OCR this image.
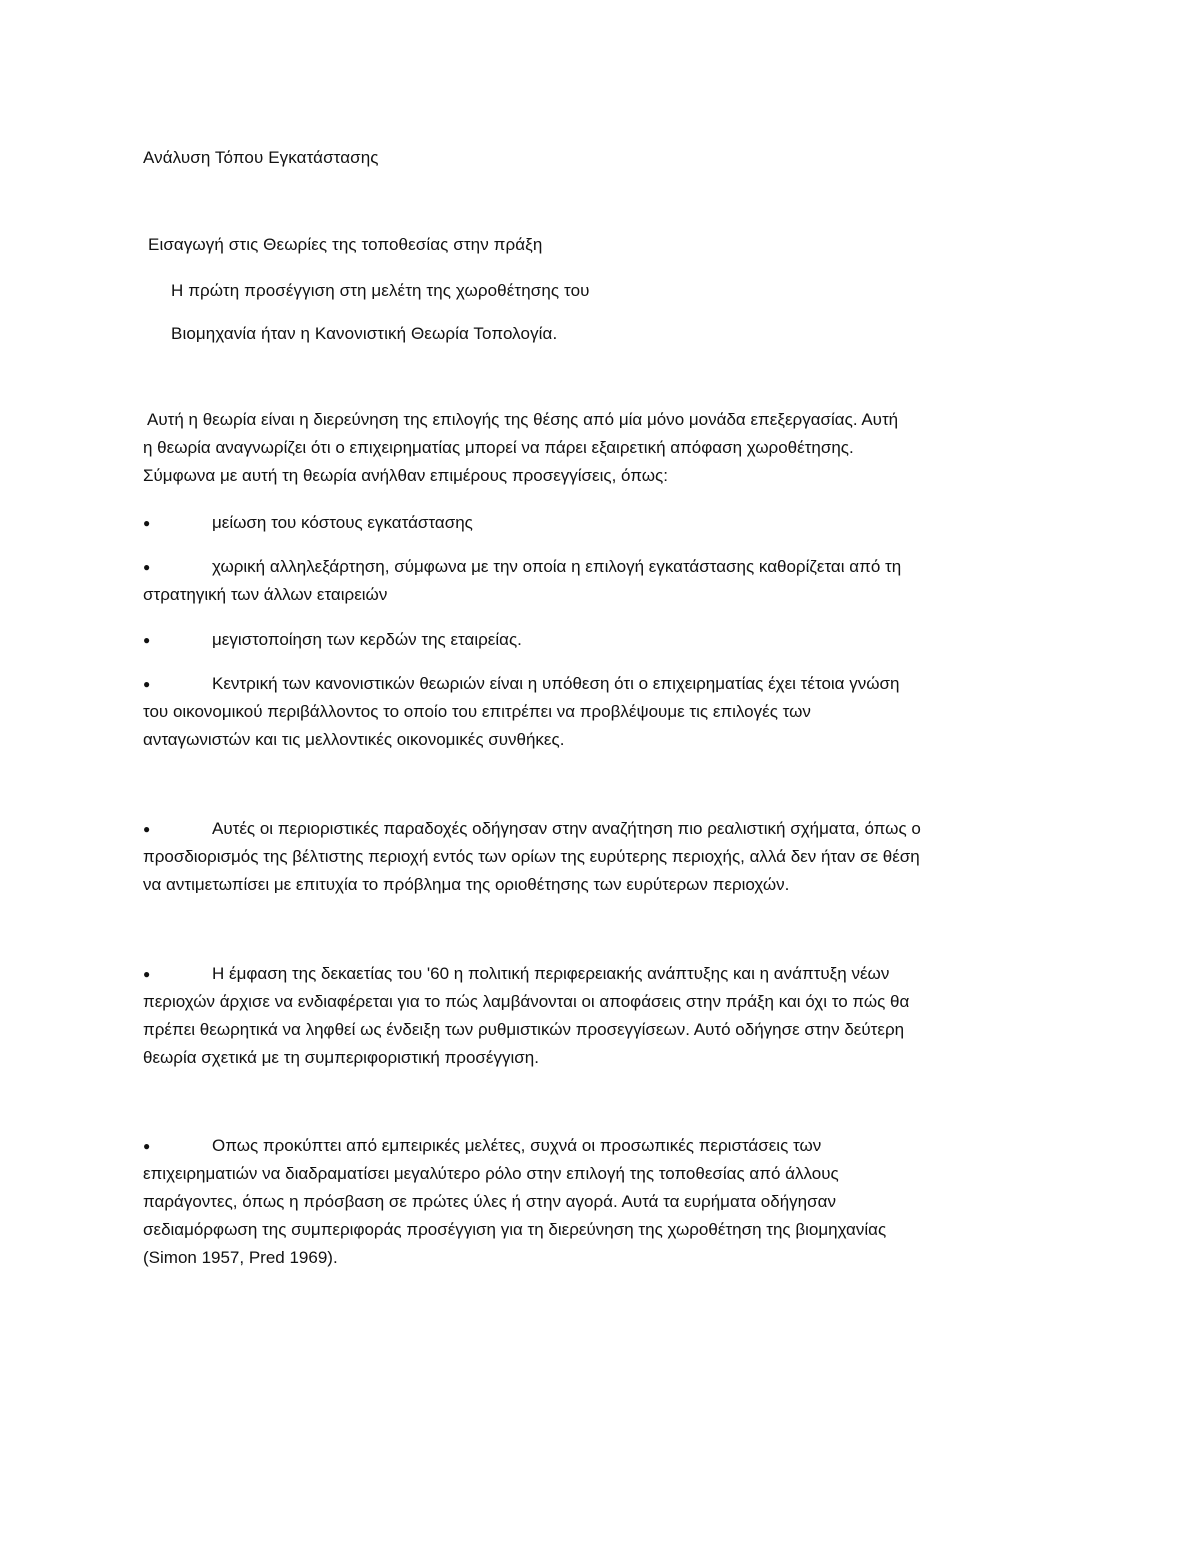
Ανάλυση Τόπου Εγκατάστασης
Εισαγωγή στις Θεωρίες της τοποθεσίας στην πράξη
Η πρώτη προσέγγιση στη μελέτη της χωροθέτησης του
Βιομηχανία ήταν η Κανονιστική Θεωρία Τοπολογία.
Αυτή η θεωρία είναι η διερεύνηση της επιλογής της θέσης από μία μόνο μονάδα επεξεργασίας. Αυτή
η θεωρία αναγνωρίζει ότι ο επιχειρηματίας μπορεί να πάρει εξαιρετική απόφαση χωροθέτησης.
Σύμφωνα με αυτή τη θεωρία ανήλθαν επιμέρους προσεγγίσεις, όπως:
●	μείωση του κόστους εγκατάστασης
●	χωρική αλληλεξάρτηση, σύμφωνα με την οποία η επιλογή εγκατάστασης καθορίζεται από τη
στρατηγική των άλλων εταιρειών
●	μεγιστοποίηση των κερδών της εταιρείας.
●	Κεντρική των κανονιστικών θεωριών είναι η υπόθεση ότι ο επιχειρηματίας έχει τέτοια γνώση
του οικονομικού περιβάλλοντος το οποίο του επιτρέπει να προβλέψουμε τις επιλογές των
ανταγωνιστών και τις μελλοντικές οικονομικές συνθήκες.
●	Αυτές οι περιοριστικές παραδοχές οδήγησαν στην αναζήτηση πιο ρεαλιστική σχήματα, όπως ο
προσδιορισμός της βέλτιστης περιοχή εντός των ορίων της ευρύτερης περιοχής, αλλά δεν ήταν σε θέση
να αντιμετωπίσει με επιτυχία το πρόβλημα της οριοθέτησης των ευρύτερων περιοχών.
●	Η έμφαση της δεκαετίας του '60 η πολιτική περιφερειακής ανάπτυξης και η ανάπτυξη νέων
περιοχών άρχισε να ενδιαφέρεται για το πώς λαμβάνονται οι αποφάσεις στην πράξη και όχι το πώς θα
πρέπει θεωρητικά να ληφθεί ως ένδειξη των ρυθμιστικών προσεγγίσεων. Αυτό οδήγησε στην δεύτερη
θεωρία σχετικά με τη συμπεριφοριστική προσέγγιση.
●	Οπως προκύπτει από εμπειρικές μελέτες, συχνά οι προσωπικές περιστάσεις των
επιχειρηματιών να διαδραματίσει μεγαλύτερο ρόλο στην επιλογή της τοποθεσίας από άλλους
παράγοντες, όπως η πρόσβαση σε πρώτες ύλες ή στην αγορά. Αυτά τα ευρήματα οδήγησαν
σεδιαμόρφωση της συμπεριφοράς προσέγγιση για τη διερεύνηση της χωροθέτηση της βιομηχανίας
(Simon 1957, Pred 1969).
